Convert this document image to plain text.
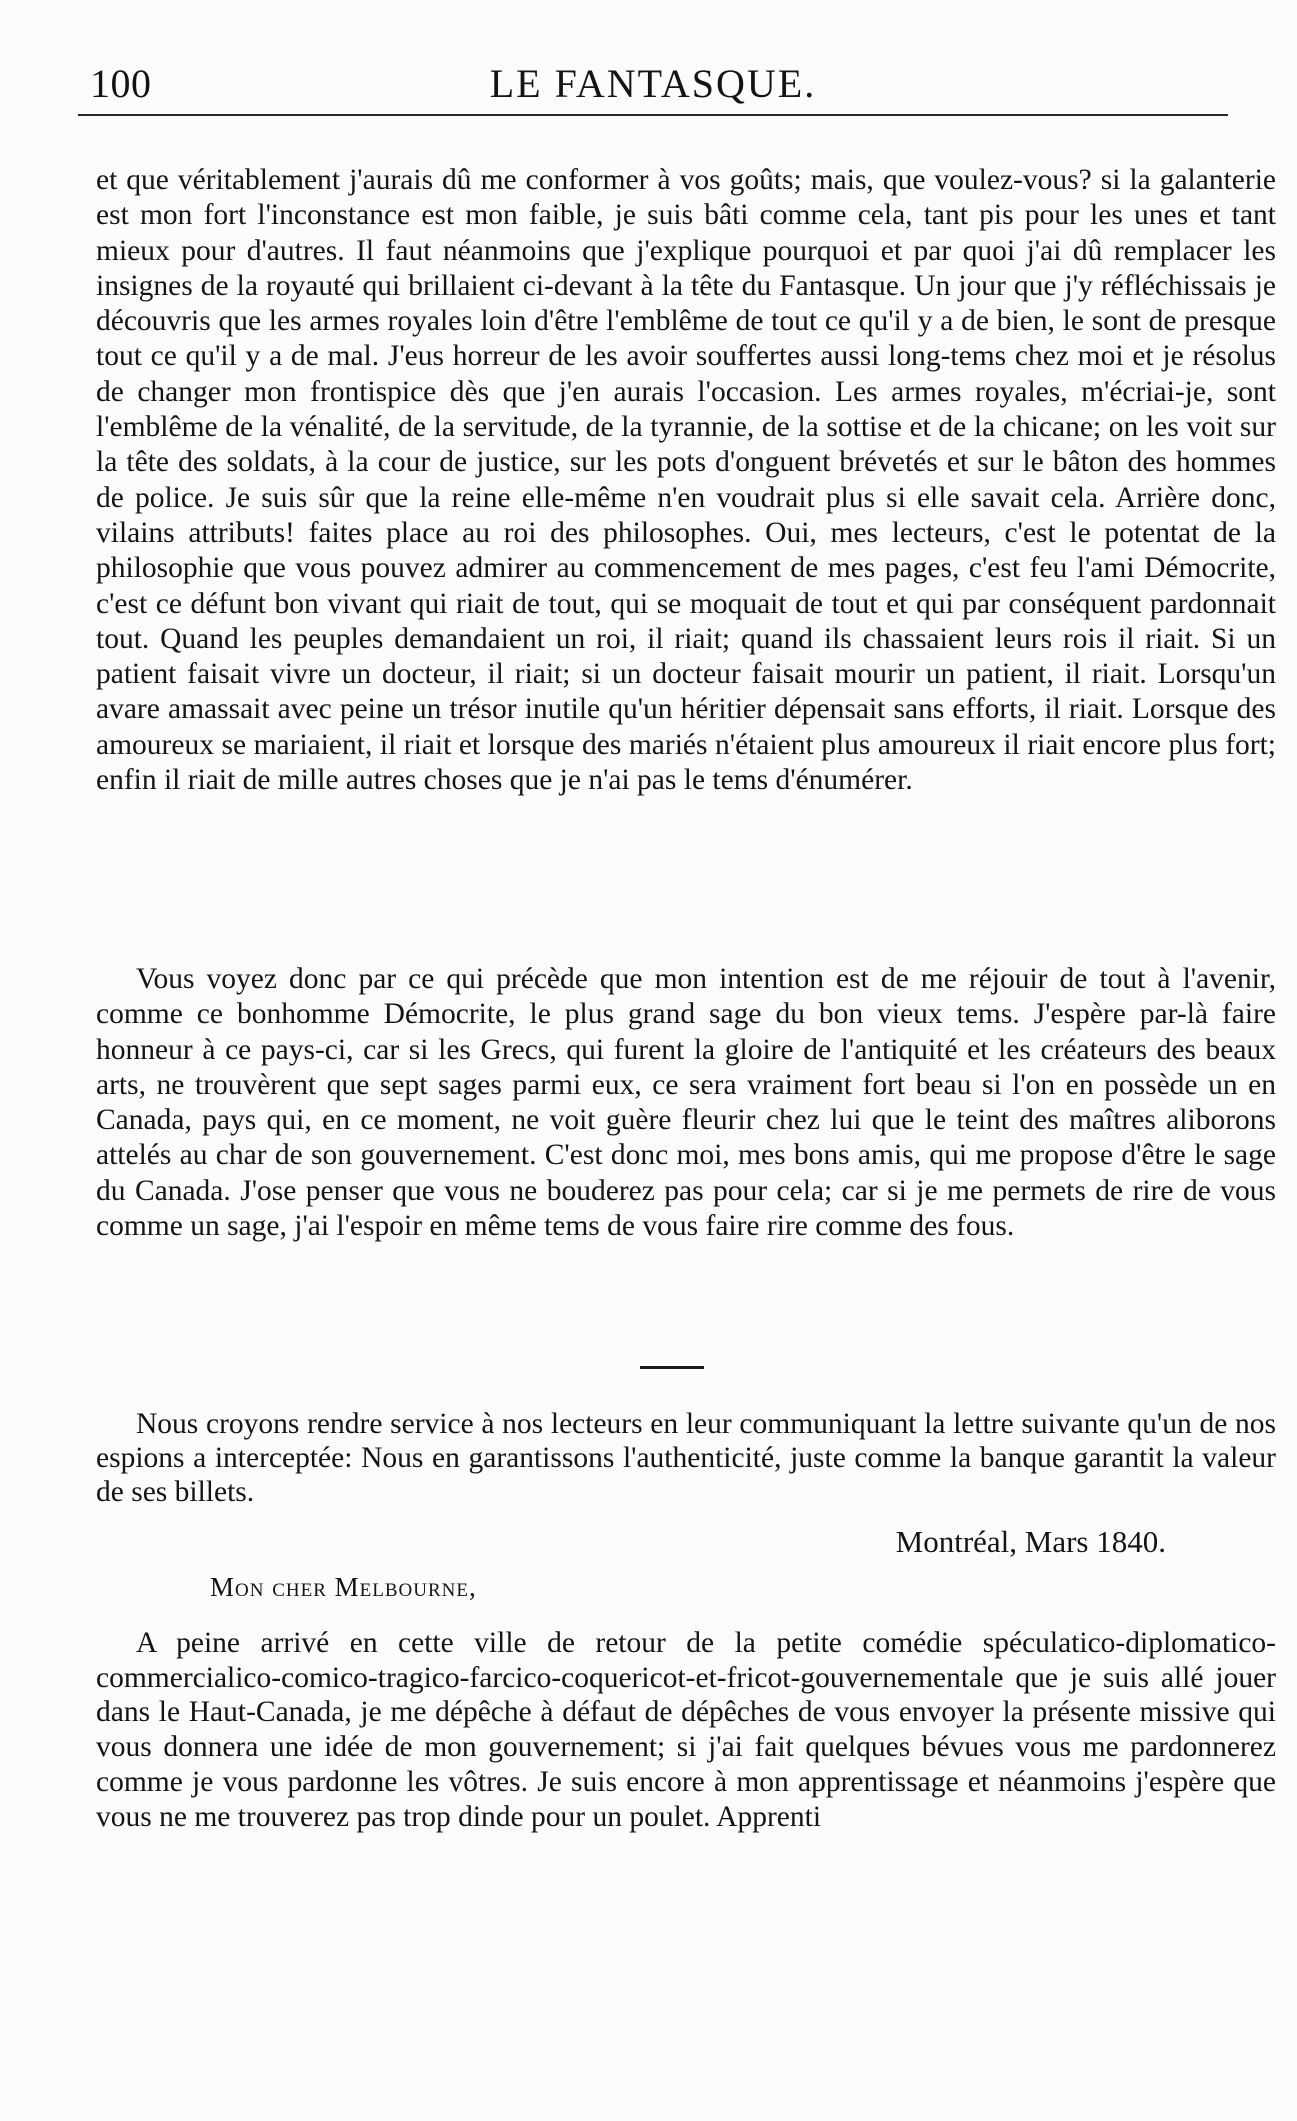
100	LE FANTASQUE.

et que véritablement j'aurais dû me conformer à vos goûts; mais, que voulez-vous? si la galanterie est mon fort l'inconstance est mon faible, je suis bâti comme cela, tant pis pour les unes et tant mieux pour d'autres. Il faut néanmoins que j'explique pourquoi et par quoi j'ai dû remplacer les insignes de la royauté qui brillaient ci-devant à la tête du Fantasque. Un jour que j'y réfléchissais je découvris que les armes royales loin d'être l'emblême de tout ce qu'il y a de bien, le sont de presque tout ce qu'il y a de mal. J'eus horreur de les avoir souffertes aussi long-tems chez moi et je résolus de changer mon frontispice dès que j'en aurais l'occasion. Les armes royales, m'écriai-je, sont l'emblême de la vénalité, de la servitude, de la tyrannie, de la sottise et de la chicane; on les voit sur la tête des soldats, à la cour de justice, sur les pots d'onguent brévetés et sur le bâton des hommes de police. Je suis sûr que la reine elle-même n'en voudrait plus si elle savait cela. Arrière donc, vilains attributs! faites place au roi des philosophes. Oui, mes lecteurs, c'est le potentat de la philosophie que vous pouvez admirer au commencement de mes pages, c'est feu l'ami Démocrite, c'est ce défunt bon vivant qui riait de tout, qui se moquait de tout et qui par conséquent pardonnait tout. Quand les peuples demandaient un roi, il riait; quand ils chassaient leurs rois il riait. Si un patient faisait vivre un docteur, il riait; si un docteur faisait mourir un patient, il riait. Lorsqu'un avare amassait avec peine un trésor inutile qu'un héritier dépensait sans efforts, il riait. Lorsque des amoureux se mariaient, il riait et lorsque des mariés n'étaient plus amoureux il riait encore plus fort; enfin il riait de mille autres choses que je n'ai pas le tems d'énumérer.

Vous voyez donc par ce qui précède que mon intention est de me réjouir de tout à l'avenir, comme ce bonhomme Démocrite, le plus grand sage du bon vieux tems. J'espère par-là faire honneur à ce pays-ci, car si les Grecs, qui furent la gloire de l'antiquité et les créateurs des beaux arts, ne trouvèrent que sept sages parmi eux, ce sera vraiment fort beau si l'on en possède un en Canada, pays qui, en ce moment, ne voit guère fleurir chez lui que le teint des maîtres aliborons attelés au char de son gouvernement. C'est donc moi, mes bons amis, qui me propose d'être le sage du Canada. J'ose penser que vous ne bouderez pas pour cela; car si je me permets de rire de vous comme un sage, j'ai l'espoir en même tems de vous faire rire comme des fous.

Nous croyons rendre service à nos lecteurs en leur communiquant la lettre suivante qu'un de nos espions a interceptée: Nous en garantissons l'authenticité, juste comme la banque garantit la valeur de ses billets.

Montréal, Mars 1840.
Mon cher Melbourne,

A peine arrivé en cette ville de retour de la petite comédie spéculatico-diplomatico-commercialico-comico-tragico-farcico-coquericot-et-fricot-gouvernementale que je suis allé jouer dans le Haut-Canada, je me dépêche à défaut de dépêches de vous envoyer la présente missive qui vous donnera une idée de mon gouvernement; si j'ai fait quelques bévues vous me pardonnerez comme je vous pardonne les vôtres. Je suis encore à mon apprentissage et néanmoins j'espère que vous ne me trouverez pas trop dinde pour un poulet. Apprenti
